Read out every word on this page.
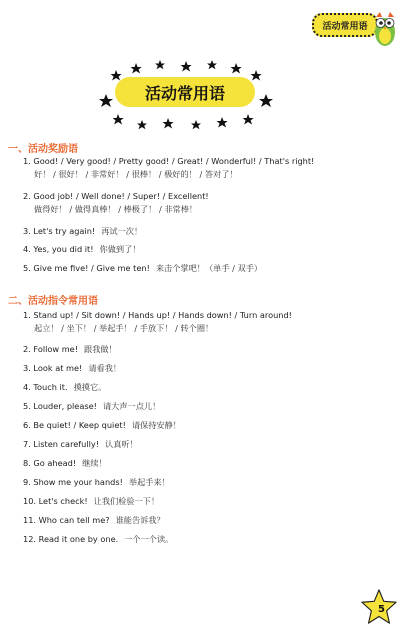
活动常用语
活动常用语
一、活动奖励语
1. Good! / Very good! / Pretty good! / Great! / Wonderful! / That's right!
好！ / 很好！ / 非常好！ / 很棒！ / 极好的！ / 答对了！
2. Good job! / Well done! / Super! / Excellent!
做得好！ / 做得真棒！ / 棒极了！ / 非常棒！
3. Let's try again! 再试一次！
4. Yes, you did it! 你做到了！
5. Give me five! / Give me ten! 来击个掌吧！（单手 / 双手）
二、活动指令常用语
1. Stand up! / Sit down! / Hands up! / Hands down! / Turn around!
起立！ / 坐下！ / 举起手！ / 手放下！ / 转个圈！
2. Follow me! 跟我做！
3. Look at me! 请看我！
4. Touch it. 摸摸它。
5. Louder, please! 请大声一点儿！
6. Be quiet! / Keep quiet! 请保持安静！
7. Listen carefully! 认真听！
8. Go ahead! 继续！
9. Show me your hands! 举起手来！
10. Let's check! 让我们检验一下！
11. Who can tell me? 谁能告诉我？
12. Read it one by one. 一个一个读。
5
